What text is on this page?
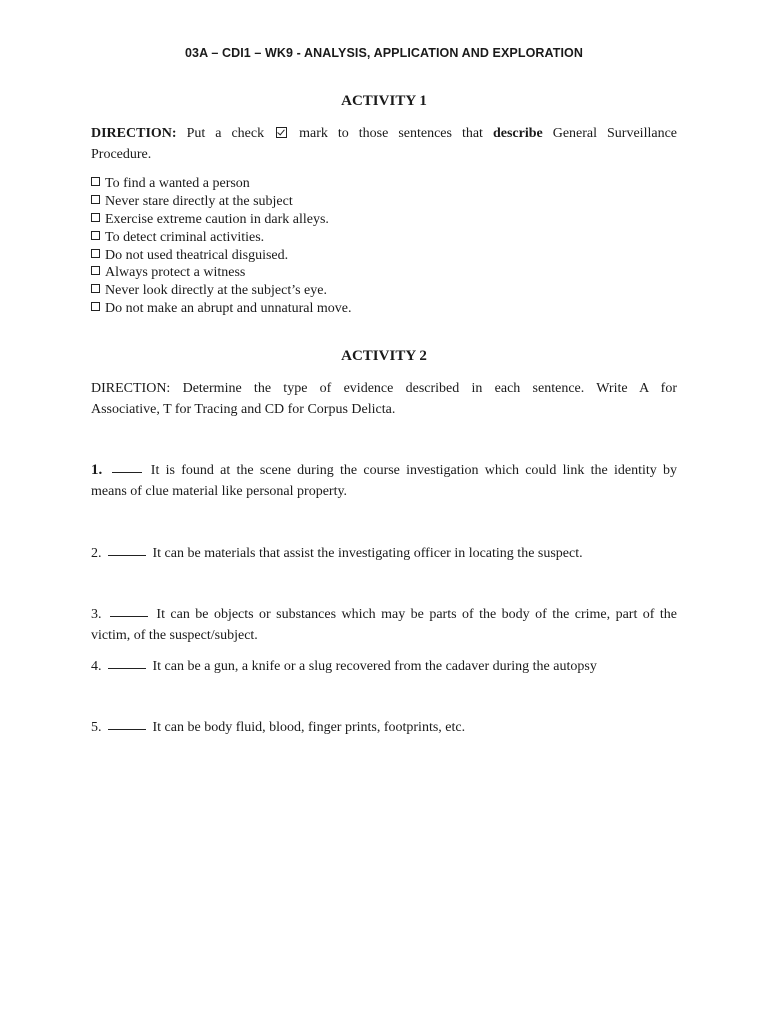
03A – CDI1 – WK9 - ANALYSIS, APPLICATION AND EXPLORATION
ACTIVITY 1
DIRECTION: Put a check	mark to those sentences that describe General Surveillance
Procedure.
To find a wanted a person
Never stare directly at the subject
Exercise extreme caution in dark alleys.
To detect criminal activities.
Do not used theatrical disguised.
Always protect a witness
Never look directly at the subject’s eye.
Do not make an abrupt and unnatural move.
ACTIVITY 2
DIRECTION: Determine the type of evidence described in each sentence. Write A for
Associative, T for Tracing and CD for Corpus Delicta.
1.	It is found at the scene during the course investigation which could link the identity by
means of clue material like personal property.
2.	It can be materials that assist the investigating officer in locating the suspect.
3.	It can be objects or substances which may be parts of the body of the crime, part of the
victim, of the suspect/subject.
4.	It can be a gun, a knife or a slug recovered from the cadaver during the autopsy
5.	It can be body fluid, blood, finger prints, footprints, etc.
